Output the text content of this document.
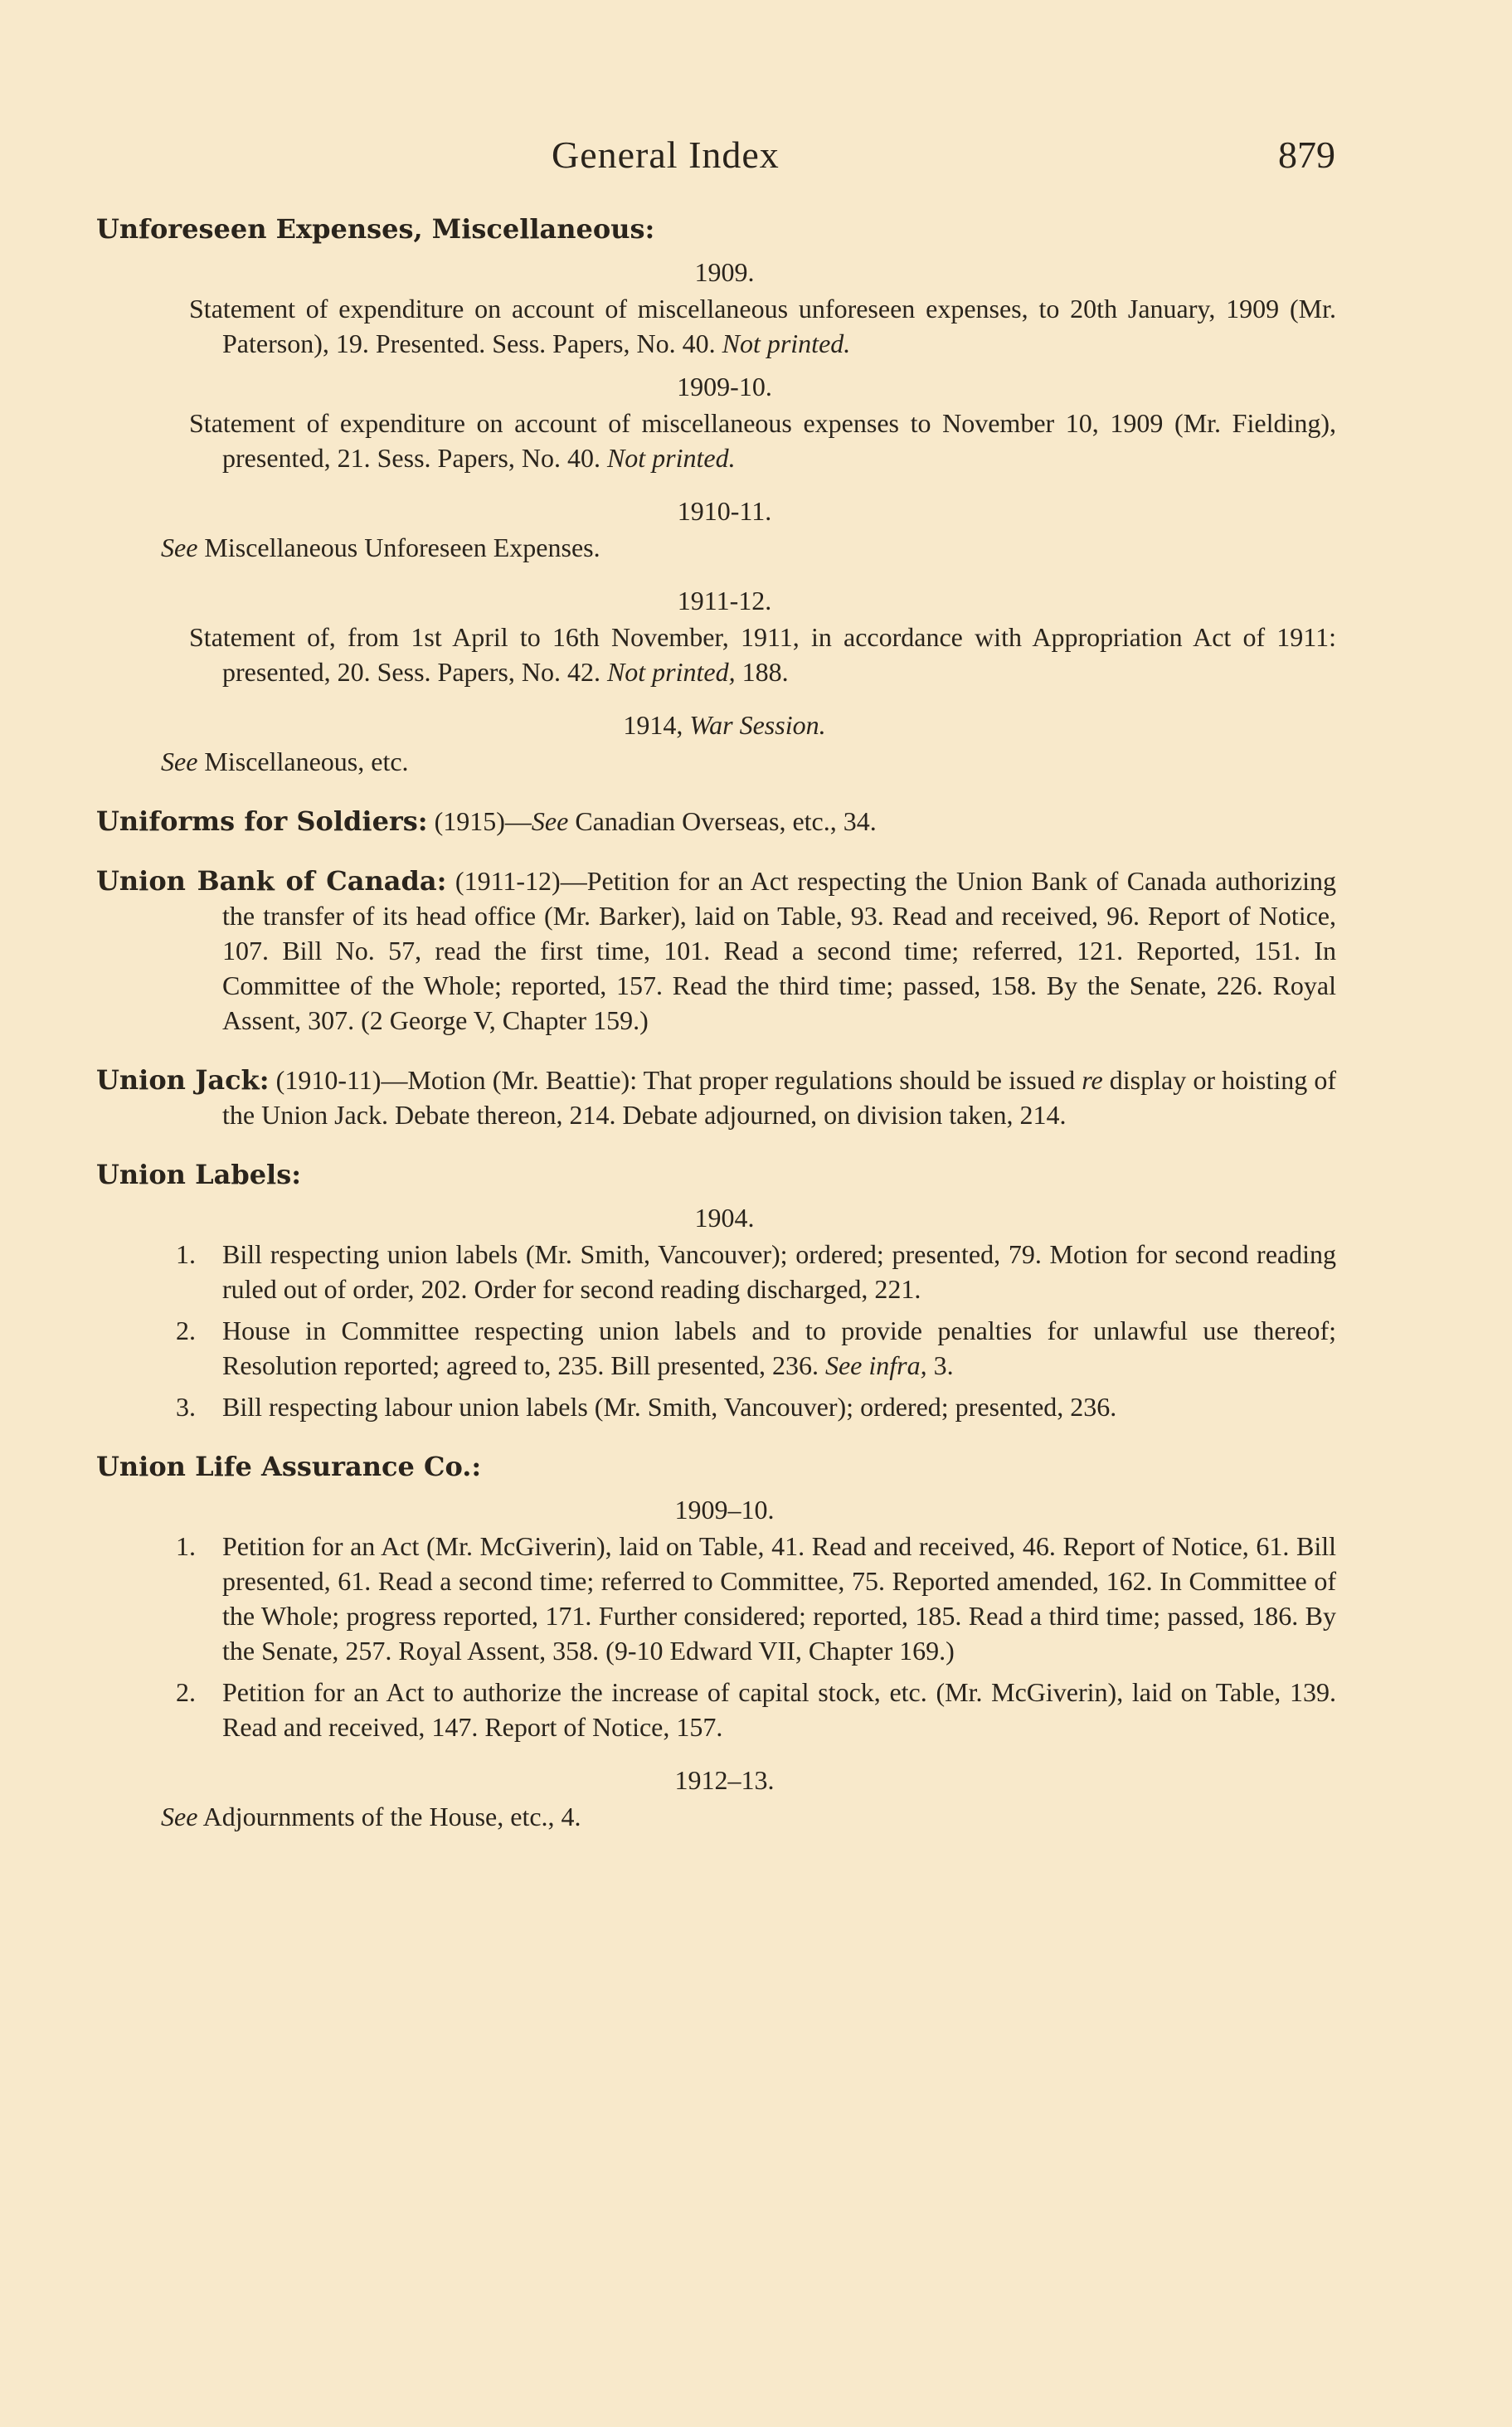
General Index	879
Unforeseen Expenses, Miscellaneous:
1909.
Statement of expenditure on account of miscellaneous unforeseen expenses, to 20th January, 1909 (Mr. Paterson), 19. Presented. Sess. Papers, No. 40. Not printed.
1909-10.
Statement of expenditure on account of miscellaneous expenses to November 10, 1909 (Mr. Fielding), presented, 21. Sess. Papers, No. 40. Not printed.
1910-11.
See Miscellaneous Unforeseen Expenses.
1911-12.
Statement of, from 1st April to 16th November, 1911, in accordance with Appropriation Act of 1911: presented, 20. Sess. Papers, No. 42. Not printed, 188.
1914, War Session.
See Miscellaneous, etc.
Uniforms for Soldiers: (1915)—See Canadian Overseas, etc., 34.
Union Bank of Canada: (1911-12)—Petition for an Act respecting the Union Bank of Canada authorizing the transfer of its head office (Mr. Barker), laid on Table, 93. Read and received, 96. Report of Notice, 107. Bill No. 57, read the first time, 101. Read a second time; referred, 121. Reported, 151. In Committee of the Whole; reported, 157. Read the third time; passed, 158. By the Senate, 226. Royal Assent, 307. (2 George V, Chapter 159.)
Union Jack: (1910-11)—Motion (Mr. Beattie): That proper regulations should be issued re display or hoisting of the Union Jack. Debate thereon, 214. Debate adjourned, on division taken, 214.
Union Labels:
1904.
1. Bill respecting union labels (Mr. Smith, Vancouver); ordered; presented, 79. Motion for second reading ruled out of order, 202. Order for second reading discharged, 221.
2. House in Committee respecting union labels and to provide penalties for unlawful use thereof; Resolution reported; agreed to, 235. Bill presented, 236. See infra, 3.
3. Bill respecting labour union labels (Mr. Smith, Vancouver); ordered; presented, 236.
Union Life Assurance Co.:
1909–10.
1. Petition for an Act (Mr. McGiverin), laid on Table, 41. Read and received, 46. Report of Notice, 61. Bill presented, 61. Read a second time; referred to Committee, 75. Reported amended, 162. In Committee of the Whole; progress reported, 171. Further considered; reported, 185. Read a third time; passed, 186. By the Senate, 257. Royal Assent, 358. (9-10 Edward VII, Chapter 169.)
2. Petition for an Act to authorize the increase of capital stock, etc. (Mr. McGiverin), laid on Table, 139. Read and received, 147. Report of Notice, 157.
1912–13.
See Adjournments of the House, etc., 4.
